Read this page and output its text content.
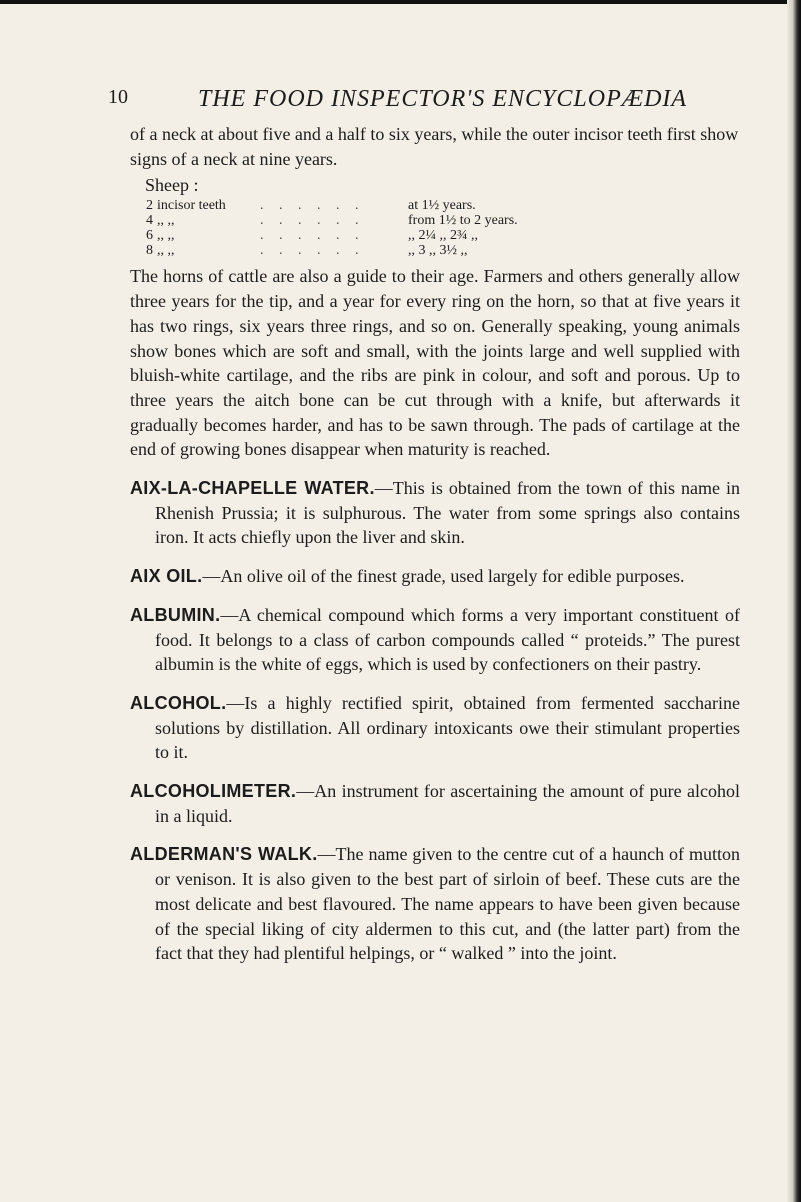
10	THE FOOD INSPECTOR'S ENCYCLOPÆDIA

of a neck at about five and a half to six years, while the outer incisor teeth first show signs of a neck at nine years.

Sheep :
2 incisor teeth . . . . . .	at 1½ years.
4 ,, ,,	. . . . . .	from 1½ to 2 years.
6 ,, ,,	. . . . . .	,, 2¼ ,, 2¾ ,,
8 ,, ,,	. . . . . .	,, 3 ,, 3½ ,,

The horns of cattle are also a guide to their age. Farmers and others generally allow three years for the tip, and a year for every ring on the horn, so that at five years it has two rings, six years three rings, and so on. Generally speaking, young animals show bones which are soft and small, with the joints large and well supplied with bluish-white cartilage, and the ribs are pink in colour, and soft and porous. Up to three years the aitch bone can be cut through with a knife, but afterwards it gradually becomes harder, and has to be sawn through. The pads of cartilage at the end of growing bones disappear when maturity is reached.

AIX-LA-CHAPELLE WATER.—This is obtained from the town of this name in Rhenish Prussia; it is sulphurous. The water from some springs also contains iron. It acts chiefly upon the liver and skin.

AIX OIL.—An olive oil of the finest grade, used largely for edible purposes.

ALBUMIN.—A chemical compound which forms a very important constituent of food. It belongs to a class of carbon compounds called “ proteids.” The purest albumin is the white of eggs, which is used by confectioners on their pastry.

ALCOHOL.—Is a highly rectified spirit, obtained from fermented saccharine solutions by distillation. All ordinary intoxicants owe their stimulant properties to it.

ALCOHOLIMETER.—An instrument for ascertaining the amount of pure alcohol in a liquid.

ALDERMAN'S WALK.—The name given to the centre cut of a haunch of mutton or venison. It is also given to the best part of sirloin of beef. These cuts are the most delicate and best flavoured. The name appears to have been given because of the special liking of city aldermen to this cut, and (the latter part) from the fact that they had plentiful helpings, or “ walked ” into the joint.
